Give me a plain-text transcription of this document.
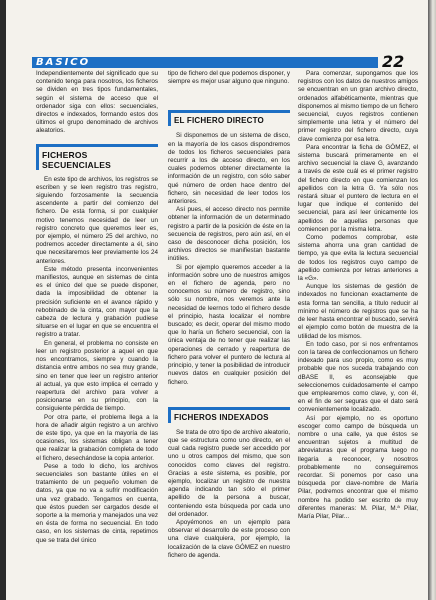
BASICO	22

Independientemente del significado que su contenido tenga para nosotros, los ficheros se dividen en tres tipos fundamentales, según el sistema de acceso que el ordenador siga con ellos: secuenciales, directos e indexados, formando estos dos últimos el grupo denominado de archivos aleatorios.

FICHEROS SECUENCIALES

En este tipo de archivos, los registros se escriben y se leen registro tras registro, siguiendo forzosamente la secuencia ascendente a partir del comienzo del fichero. De esta forma, si por cualquier motivo tenemos necesidad de leer un registro concreto que queremos leer es, por ejemplo, el número 25 del archivo, no podremos acceder directamente a él, sino que necesitaremos leer previamente los 24 anteriores.

Este método presenta inconvenientes manifiestos, aunque en sistemas de cinta es el único del que se puede disponer, dada la imposibilidad de obtener la precisión suficiente en el avance rápido y rebobinado de la cinta, con mayor que la cabeza de lectura y grabación pudiese situarse en el lugar en que se encuentra el registro a tratar.

En general, el problema no consiste en leer un registro posterior a aquel en que nos encontramos, siempre y cuando la distancia entre ambos no sea muy grande, sino en tener que leer un registro anterior al actual, ya que esto implica el cerrado y reapertura del archivo para volver a posicionarse en su principio, con la consiguiente pérdida de tiempo.

Por otra parte, el problema llega a la hora de añadir algún registro a un archivo de este tipo, ya que en la mayoría de las ocasiones, los sistemas obligan a tener que realizar la grabación completa de todo el fichero, desechándose la copia anterior.

Pese a todo lo dicho, los archivos secuenciales son bastante útiles en el tratamiento de un pequeño volumen de datos, ya que no va a sufrir modificación una vez grabado. Tengamos en cuenta, que éstos pueden ser cargados desde el soporte a la memoria y manejados una vez en ésta de forma no secuencial. En todo caso, en los sistemas de cinta, repetimos que se trata del único

tipo de fichero del que podemos disponer, y siempre es mejor usar alguno que ninguno.

EL FICHERO DIRECTO

Si disponemos de un sistema de disco, en la mayoría de los casos dispondremos de todos los ficheros secuenciales para recurrir a los de acceso directo, en los cuales podemos obtener directamente la información de un registro, con sólo saber qué número de orden hace dentro del fichero, sin necesidad de leer todos los anteriores.

Así pues, el acceso directo nos permite obtener la información de un determinado registro a partir de la posición de éste en la secuencia de registros, pero aún así, en el caso de desconocer dicha posición, los archivos directos se manifiestan bastante inútiles.

Si por ejemplo queremos acceder a la información sobre uno de nuestros amigos en el fichero de agenda, pero no conocemos su número de registro, sino sólo su nombre, nos veremos ante la necesidad de leernos todo el fichero desde el principio, hasta localizar el nombre buscado; es decir, operar del mismo modo que lo haría un fichero secuencial, con la única ventaja de no tener que realizar las operaciones de cerrado y reapertura de fichero para volver el puntero de lectura al principio, y tener la posibilidad de introducir nuevos datos en cualquier posición del fichero.

FICHEROS INDEXADOS

Se trata de otro tipo de archivo aleatorio, que se estructura como uno directo, en el cual cada registro puede ser accedido por uno u otros campos del mismo, que son conocidos como claves del registro. Gracias a este sistema, es posible, por ejemplo, localizar un registro de nuestra agenda indicando tan sólo el primer apellido de la persona a buscar, conteniendo esta búsqueda por cada uno del ordenador.

Apoyémonos en un ejemplo para observar el desarrollo de este proceso con una clave cualquiera, por ejemplo, la localización de la clave GÓMEZ en nuestro fichero de agenda.

Para comenzar, supongamos que los registros con los datos de nuestros amigos se encuentran en un gran archivo directo, ordenados alfabéticamente, mientras que disponemos al mismo tiempo de un fichero secuencial, cuyos registros contienen simplemente una letra y el número del primer registro del fichero directo, cuya clave comienza por esa letra.

Para encontrar la ficha de GÓMEZ, el sistema buscará primeramente en el archivo secuencial la clave G, avanzando a través de este cuál es el primer registro del fichero directo en que comienzan los apellidos con la letra G. Ya sólo nos restará situar el puntero de lectura en el lugar que indique el contenido del secuencial, para así leer únicamente los apellidos de aquellas personas que comiencen por la misma letra.

Como podemos comprobar, este sistema ahorra una gran cantidad de tiempo, ya que evita la lectura secuencial de todos los registros cuyo campo de apellido comienza por letras anteriores a la «G».

Aunque los sistemas de gestión de indexados no funcionan exactamente de esta forma tan sencilla, a título reducir al mínimo el número de registros que se ha de leer hasta encontrar el buscado, servirá el ejemplo como botón de muestra de la utilidad de los mismos.

En todo caso, por si nos enfrentamos con la tarea de confeccionarnos un fichero indexado para uso propio, como es muy probable que nos suceda trabajando con dBASE II, es aconsejable que seleccionemos cuidadosamente el campo que emplearemos como clave, y, con él, en el fin de ser seguras que el dato será convenientemente localizado.

Así por ejemplo, no es oportuno escoger como campo de búsqueda un nombre o una calle, ya que éstos se encuentran sujetos a multitud de abreviaturas que el programa luego no llegaría a reconocer, y nosotros probablemente no conseguiremos recordar. Si ponemos por caso una búsqueda por clave-nombre de María Pilar, podremos encontrar que el mismo nombre ha podido ser escrito de muy diferentes maneras: M. Pilar, M.ª Pilar, María Pilar, Pilar...
